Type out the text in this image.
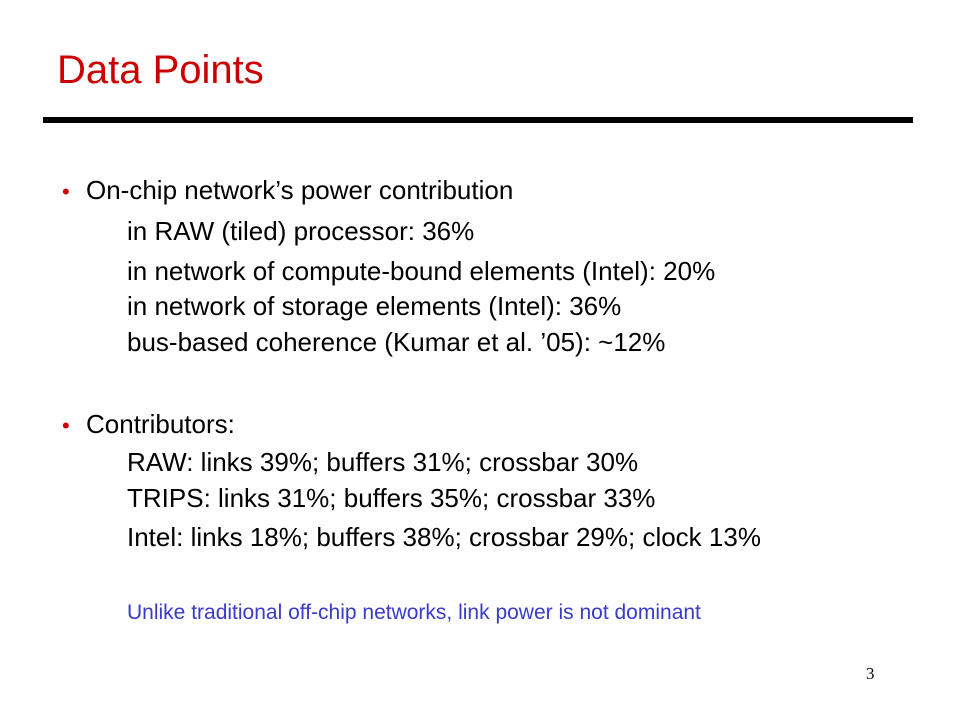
Data Points
• On-chip network’s power contribution
in RAW (tiled) processor: 36%
in network of compute-bound elements (Intel): 20%
in network of storage elements (Intel): 36%
bus-based coherence (Kumar et al. ’05): ~12%
• Contributors:
RAW: links 39%; buffers 31%; crossbar 30%
TRIPS: links 31%; buffers 35%; crossbar 33%
Intel: links 18%; buffers 38%; crossbar 29%; clock 13%
Unlike traditional off-chip networks, link power is not dominant
3
